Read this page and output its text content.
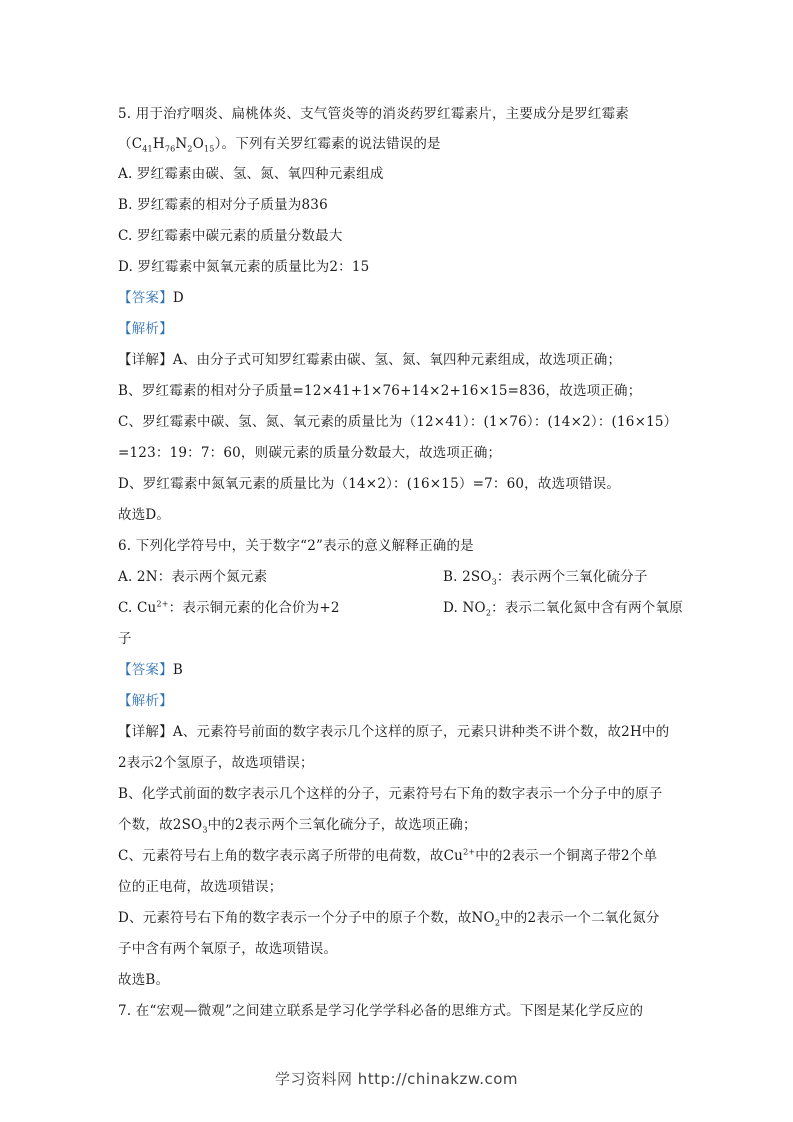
5. 用于治疗咽炎、扁桃体炎、支气管炎等的消炎药罗红霉素片，主要成分是罗红霉素
$(C_{41}H_{76}N_2O_{15})$。下列有关罗红霉素的说法错误的是
A. 罗红霉素由碳、氢、氮、氧四种元素组成
B. 罗红霉素的相对分子质量为836
C. 罗红霉素中碳元素的质量分数最大
D. 罗红霉素中氮氧元素的质量比为2：15
【答案】D
【解析】
【详解】A、由分子式可知罗红霉素由碳、氢、氮、氧四种元素组成，故选项正确；
B、罗红霉素的相对分子质量=12×41+1×76+14×2+16×15=836，故选项正确；
C、罗红霉素中碳、氢、氮、氧元素的质量比为（12×41）：(1×76）：(14×2）：(16×15）
=123：19：7：60，则碳元素的质量分数最大，故选项正确；
D、罗红霉素中氮氧元素的质量比为（14×2）：(16×15）=7：60，故选项错误。
故选D。
6. 下列化学符号中，关于数字“2”表示的意义解释正确的是
A. 2N：表示两个氮元素	B. $2SO_3$：表示两个三氧化硫分子
C. $Cu^{2+}$：表示铜元素的化合价为+2	D. $NO_2$：表示二氧化氮中含有两个氧原
子
【答案】B
【解析】
【详解】A、元素符号前面的数字表示几个这样的原子，元素只讲种类不讲个数，故2H中的
2表示2个氢原子，故选项错误；
B、化学式前面的数字表示几个这样的分子，元素符号右下角的数字表示一个分子中的原子
个数，故$2SO_3$中的2表示两个三氧化硫分子，故选项正确；
C、元素符号右上角的数字表示离子所带的电荷数，故$Cu^{2+}$中的2表示一个铜离子带2个单
位的正电荷，故选项错误；
D、元素符号右下角的数字表示一个分子中的原子个数，故$NO_2$中的2表示一个二氧化氮分
子中含有两个氧原子，故选项错误。
故选B。
7. 在“宏观—微观”之间建立联系是学习化学学科必备的思维方式。下图是某化学反应的
学习资料网 http://chinakzw.com
